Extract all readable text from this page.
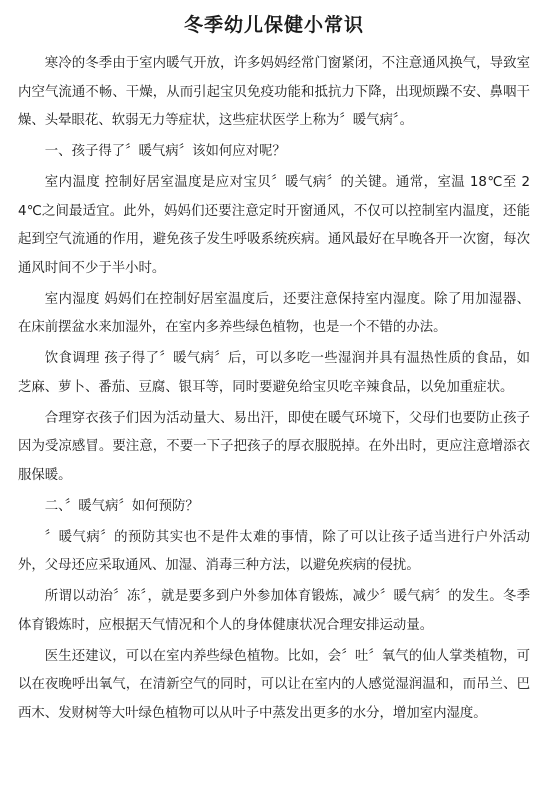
冬季幼儿保健小常识

寒冷的冬季由于室内暖气开放，许多妈妈经常门窗紧闭，不注意通风换气，导致室内空气流通不畅、干燥，从而引起宝贝免疫功能和抵抗力下降，出现烦躁不安、鼻咽干燥、头晕眼花、软弱无力等症状，这些症状医学上称为〞暖气病〞。

一、孩子得了〞暖气病〞该如何应对呢？

室内温度 控制好居室温度是应对宝贝〞暖气病〞的关键。通常，室温 18℃至 24℃之间最适宜。此外，妈妈们还要注意定时开窗通风，不仅可以控制室内温度，还能起到空气流通的作用，避免孩子发生呼吸系统疾病。通风最好在早晚各开一次窗，每次通风时间不少于半小时。

室内湿度 妈妈们在控制好居室温度后，还要注意保持室内湿度。除了用加湿器、在床前摆盆水来加湿外，在室内多养些绿色植物，也是一个不错的办法。

饮食调理 孩子得了〞暖气病〞后，可以多吃一些湿润并具有温热性质的食品，如芝麻、萝卜、番茄、豆腐、银耳等，同时要避免给宝贝吃辛辣食品，以免加重症状。

合理穿衣孩子们因为活动量大、易出汗，即使在暖气环境下，父母们也要防止孩子因为受凉感冒。要注意，不要一下子把孩子的厚衣服脱掉。在外出时，更应注意增添衣服保暖。

二、〞暖气病〞如何预防？

〞暖气病〞的预防其实也不是件太难的事情，除了可以让孩子适当进行户外活动外，父母还应采取通风、加湿、消毒三种方法，以避免疾病的侵扰。

所谓以动治〞冻〞，就是要多到户外参加体育锻炼，减少〞暖气病〞的发生。冬季体育锻炼时，应根据天气情况和个人的身体健康状况合理安排运动量。

医生还建议，可以在室内养些绿色植物。比如，会〞吐〞氧气的仙人掌类植物，可以在夜晚呼出氧气，在清新空气的同时，可以让在室内的人感觉湿润温和，而吊兰、巴西木、发财树等大叶绿色植物可以从叶子中蒸发出更多的水分，增加室内湿度。
